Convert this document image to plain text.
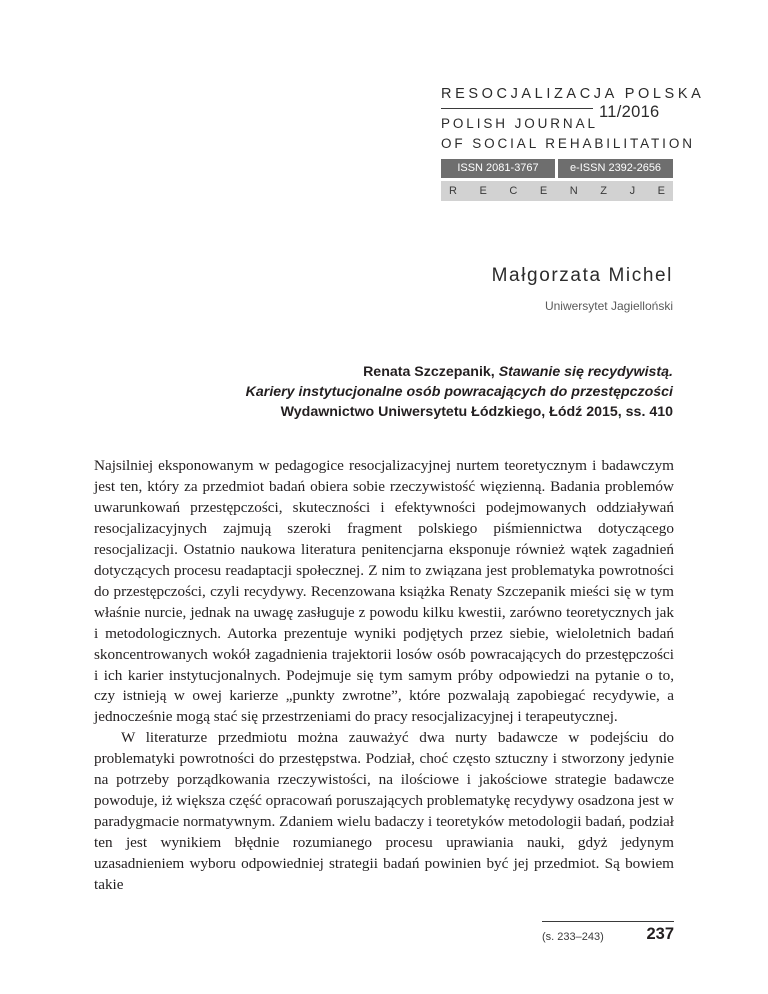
RESOCJALIZACJA POLSKA
11/2016
POLISH JOURNAL
OF SOCIAL REHABILITATION
ISSN 2081-3767	e-ISSN 2392-2656
R E C E N Z J E
Małgorzata Michel
Uniwersytet Jagielloński
Renata Szczepanik, Stawanie się recydywistą.
Kariery instytucjonalne osób powracających do przestępczości
Wydawnictwo Uniwersytetu Łódzkiego, Łódź 2015, ss. 410

Najsilniej eksponowanym w pedagogice resocjalizacyjnej nurtem teoretycznym i badawczym jest ten, który za przedmiot badań obiera sobie rzeczywistość więzienną. Badania problemów uwarunkowań przestępczości, skuteczności i efektywności podejmowanych oddziaływań resocjalizacyjnych zajmują szeroki fragment polskiego piśmiennictwa dotyczącego resocjalizacji. Ostatnio naukowa literatura penitencjarna eksponuje również wątek zagadnień dotyczących procesu readaptacji społecznej. Z nim to związana jest problematyka powrotności do przestępczości, czyli recydywy. Recenzowana książka Renaty Szczepanik mieści się w tym właśnie nurcie, jednak na uwagę zasługuje z powodu kilku kwestii, zarówno teoretycznych jak i metodologicznych. Autorka prezentuje wyniki podjętych przez siebie, wieloletnich badań skoncentrowanych wokół zagadnienia trajektorii losów osób powracających do przestępczości i ich karier instytucjonalnych. Podejmuje się tym samym próby odpowiedzi na pytanie o to, czy istnieją w owej karierze „punkty zwrotne”, które pozwalają zapobiegać recydywie, a jednocześnie mogą stać się przestrzeniami do pracy resocjalizacyjnej i terapeutycznej.

W literaturze przedmiotu można zauważyć dwa nurty badawcze w podejściu do problematyki powrotności do przestępstwa. Podział, choć często sztuczny i stworzony jedynie na potrzeby porządkowania rzeczywistości, na ilościowe i jakościowe strategie badawcze powoduje, iż większa część opracowań poruszających problematykę recydywy osadzona jest w paradygmacie normatywnym. Zdaniem wielu badaczy i teoretyków metodologii badań, podział ten jest wynikiem błędnie rozumianego procesu uprawiania nauki, gdyż jedynym uzasadnieniem wyboru odpowiedniej strategii badań powinien być jej przedmiot. Są bowiem takie

(s. 233–243)	237
